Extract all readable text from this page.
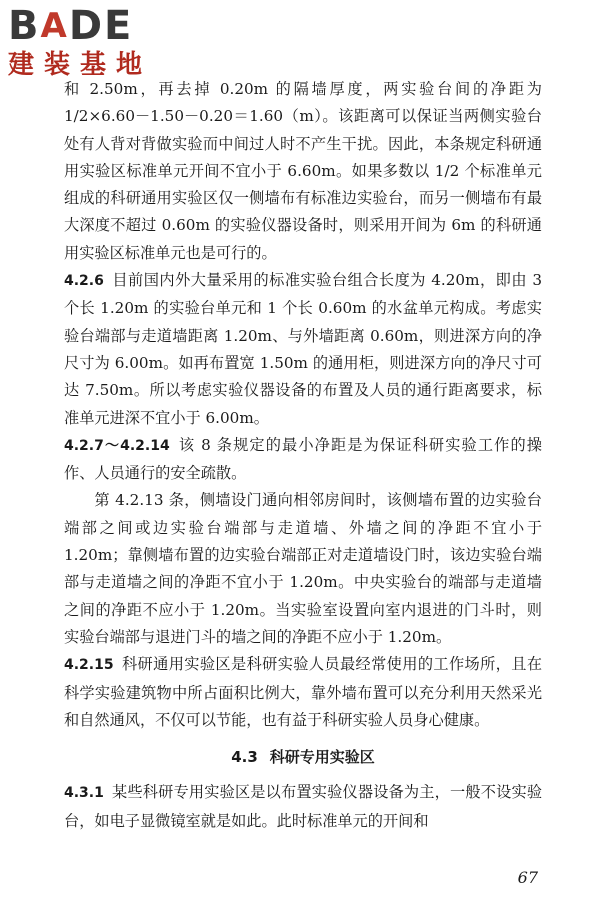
B A D E
建装基地

和 2.50m，再去掉 0.20m 的隔墙厚度，两实验台间的净距为 1/2×6.60－1.50－0.20＝1.60（m）。该距离可以保证当两侧实验台处有人背对背做实验而中间过人时不产生干扰。因此，本条规定科研通用实验区标准单元开间不宜小于 6.60m。如果多数以 1/2 个标准单元组成的科研通用实验区仅一侧墙布有标准边实验台，而另一侧墙布有最大深度不超过 0.60m 的实验仪器设备时，则采用开间为 6m 的科研通用实验区标准单元也是可行的。

4.2.6 目前国内外大量采用的标准实验台组合长度为 4.20m，即由 3 个长 1.20m 的实验台单元和 1 个长 0.60m 的水盆单元构成。考虑实验台端部与走道墙距离 1.20m、与外墙距离 0.60m，则进深方向的净尺寸为 6.00m。如再布置宽 1.50m 的通用柜，则进深方向的净尺寸可达 7.50m。所以考虑实验仪器设备的布置及人员的通行距离要求，标准单元进深不宜小于 6.00m。

4.2.7～4.2.14 该 8 条规定的最小净距是为保证科研实验工作的操作、人员通行的安全疏散。

第 4.2.13 条，侧墙设门通向相邻房间时，该侧墙布置的边实验台端部之间或边实验台端部与走道墙、外墙之间的净距不宜小于 1.20m；靠侧墙布置的边实验台端部正对走道墙设门时，该边实验台端部与走道墙之间的净距不宜小于 1.20m。中央实验台的端部与走道墙之间的净距不应小于 1.20m。当实验室设置向室内退进的门斗时，则实验台端部与退进门斗的墙之间的净距不应小于 1.20m。

4.2.15 科研通用实验区是科研实验人员最经常使用的工作场所，且在科学实验建筑物中所占面积比例大，靠外墙布置可以充分利用天然采光和自然通风，不仅可以节能，也有益于科研实验人员身心健康。

4.3 科研专用实验区

4.3.1 某些科研专用实验区是以布置实验仪器设备为主，一般不设实验台，如电子显微镜室就是如此。此时标准单元的开间和

67
